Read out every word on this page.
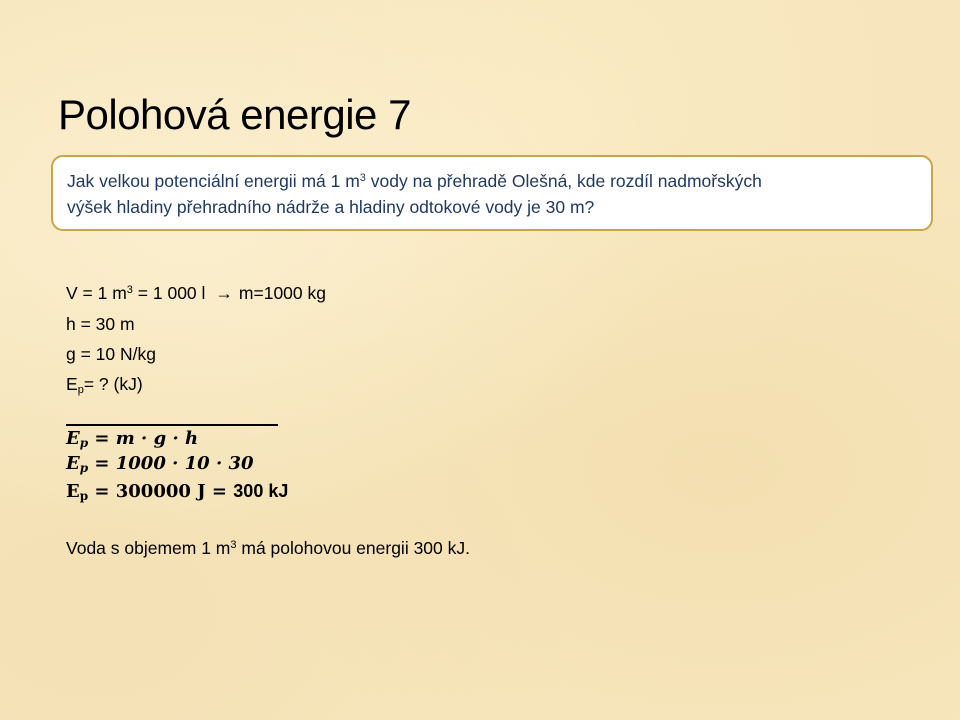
Polohová energie 7
Jak velkou potenciální energii má 1 $m^3$ vody na přehradě Olešná, kde rozdíl nadmořských
výšek hladiny přehradního nádrže a hladiny odtokové vody je 30 m?
V = 1 $m^3 = 1$ 000 l → m=1000 kg
h = 30 m
g = 10 N/kg
$E_p=$ ? (kJ)
$E_p = m \cdot g \cdot h$
$E_p = 1000 \cdot 10 \cdot 30$
$E_p = 300000$ J = 300 kJ
Voda s objemem 1 $m^3$ má polohovou energii 300 kJ.
